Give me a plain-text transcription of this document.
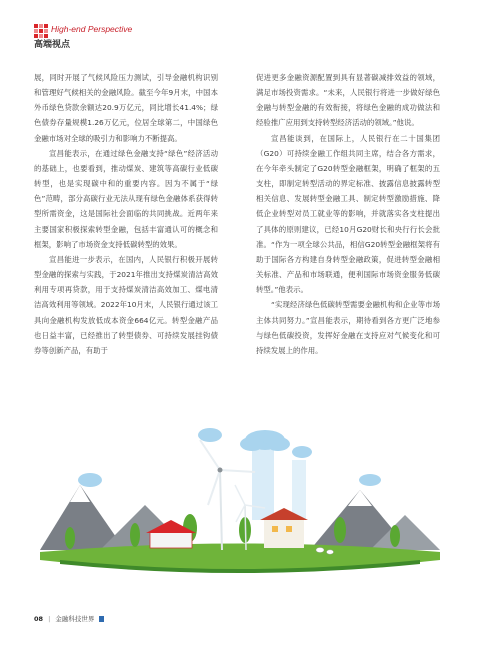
High-end Perspective
高端视点

展，同时开展了气候风险压力测试，引导金融机构识别和管理好气候相关的金融风险。截至今年9月末，中国本外币绿色贷款余额达20.9万亿元，同比增长41.4%；绿色债券存量规模1.26万亿元，位居全球第二，中国绿色金融市场对全球的吸引力和影响力不断提高。

宣昌能表示，在通过绿色金融支持“绿色”经济活动的基础上，也要看到，推动煤炭、建筑等高碳行业低碳转型，也是实现碳中和的重要内容。因为不属于“绿色”范畴，部分高碳行业无法从现有绿色金融体系获得转型所需资金，这是国际社会面临的共同挑战。近两年来主要国家积极探索转型金融，包括丰富通认可的概念和框架，影响了市场资金支持低碳转型的效果。

宣昌能进一步表示，在国内，人民银行积极开展转型金融的探索与实践，于2021年推出支持煤炭清洁高效利用专项再贷款，用于支持煤炭清洁高效加工、煤电清洁高效利用等领域。2022年10月末，人民银行通过该工具向金融机构发放低成本资金664亿元。转型金融产品也日益丰富，已经推出了转型债券、可持续发展挂钩债券等创新产品，有助于

促进更多金融资源配置到具有显著碳减排效益的领域，满足市场投资需求。“未来，人民银行将进一步做好绿色金融与转型金融的有效衔接，将绿色金融的成功做法和经验推广应用到支持转型经济活动的领域。”他说。

宣昌能谈到，在国际上，人民银行在二十国集团（G20）可持续金融工作组共同主席，结合各方需求，在今年牵头制定了G20转型金融框架，明确了框架的五支柱，即制定转型活动的界定标准、披露信息披露转型相关信息、发展转型金融工具、制定转型激励措施、降低企业转型对员工就业等的影响，并就落实各支柱提出了具体的原则建议，已经10月G20财长和央行行长会批准。“作为一项全球公共品，相信G20转型金融框架将有助于国际各方构建自身转型金融政策，促进转型金融相关标准、产品和市场联通，便利国际市场资金服务低碳转型。”他表示。

“实现经济绿色低碳转型需要金融机构和企业等市场主体共同努力。”宣昌能表示，期待看到各方更广泛地参与绿色低碳投资，发挥好金融在支持应对气候变化和可持续发展上的作用。

08 | 金融科技世界
